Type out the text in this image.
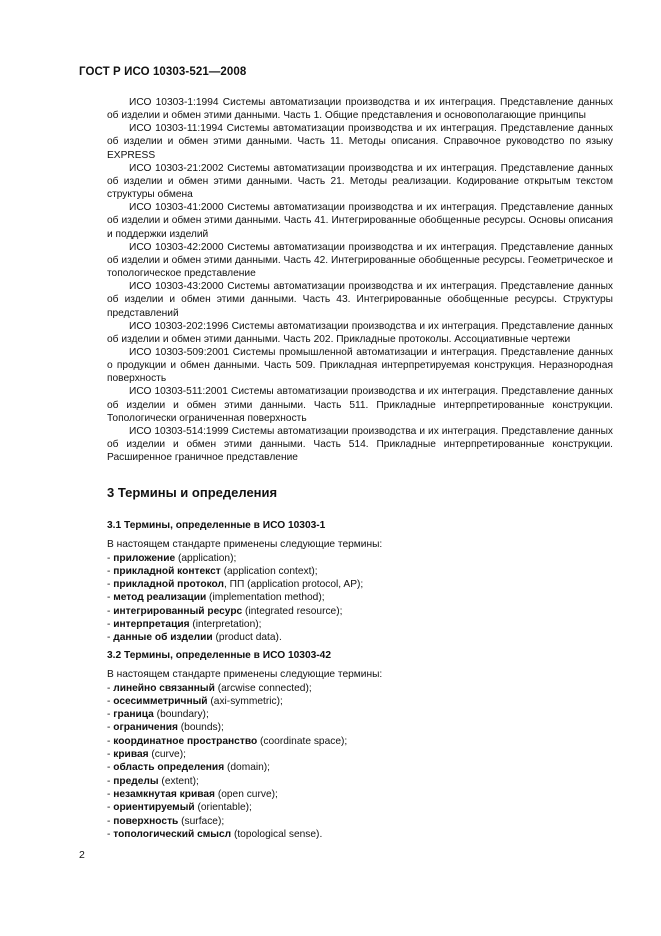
ГОСТ Р ИСО 10303-521—2008

ИСО 10303-1:1994 Системы автоматизации производства и их интеграция. Представление данных об изделии и обмен этими данными. Часть 1. Общие представления и основополагающие принципы

ИСО 10303-11:1994 Системы автоматизации производства и их интеграция. Представление данных об изделии и обмен этими данными. Часть 11. Методы описания. Справочное руководство по языку EXPRESS

ИСО 10303-21:2002 Системы автоматизации производства и их интеграция. Представление данных об изделии и обмен этими данными. Часть 21. Методы реализации. Кодирование открытым текстом структуры обмена

ИСО 10303-41:2000 Системы автоматизации производства и их интеграция. Представление данных об изделии и обмен этими данными. Часть 41. Интегрированные обобщенные ресурсы. Основы описания и поддержки изделий

ИСО 10303-42:2000 Системы автоматизации производства и их интеграция. Представление данных об изделии и обмен этими данными. Часть 42. Интегрированные обобщенные ресурсы. Геометрическое и топологическое представление

ИСО 10303-43:2000 Системы автоматизации производства и их интеграция. Представление данных об изделии и обмен этими данными. Часть 43. Интегрированные обобщенные ресурсы. Структуры представлений

ИСО 10303-202:1996 Системы автоматизации производства и их интеграция. Представление данных об изделии и обмен этими данными. Часть 202. Прикладные протоколы. Ассоциативные чертежи

ИСО 10303-509:2001 Системы промышленной автоматизации и интеграция. Представление данных о продукции и обмен данными. Часть 509. Прикладная интерпретируемая конструкция. Неразнородная поверхность

ИСО 10303-511:2001 Системы автоматизации производства и их интеграция. Представление данных об изделии и обмен этими данными. Часть 511. Прикладные интерпретированные конструкции. Топологически ограниченная поверхность

ИСО 10303-514:1999 Системы автоматизации производства и их интеграция. Представление данных об изделии и обмен этими данными. Часть 514. Прикладные интерпретированные конструкции. Расширенное граничное представление

3 Термины и определения

3.1 Термины, определенные в ИСО 10303-1

В настоящем стандарте применены следующие термины:

- приложение (application);
- прикладной контекст (application context);
- прикладной протокол, ПП (application protocol, AP);
- метод реализации (implementation method);
- интегрированный ресурс (integrated resource);
- интерпретация (interpretation);
- данные об изделии (product data).

3.2 Термины, определенные в ИСО 10303-42

В настоящем стандарте применены следующие термины:

- линейно связанный (arcwise connected);
- осесимметричный (axi-symmetric);
- граница (boundary);
- ограничения (bounds);
- координатное пространство (coordinate space);
- кривая (curve);
- область определения (domain);
- пределы (extent);
- незамкнутая кривая (open curve);
- ориентируемый (orientable);
- поверхность (surface);
- топологический смысл (topological sense).
2
